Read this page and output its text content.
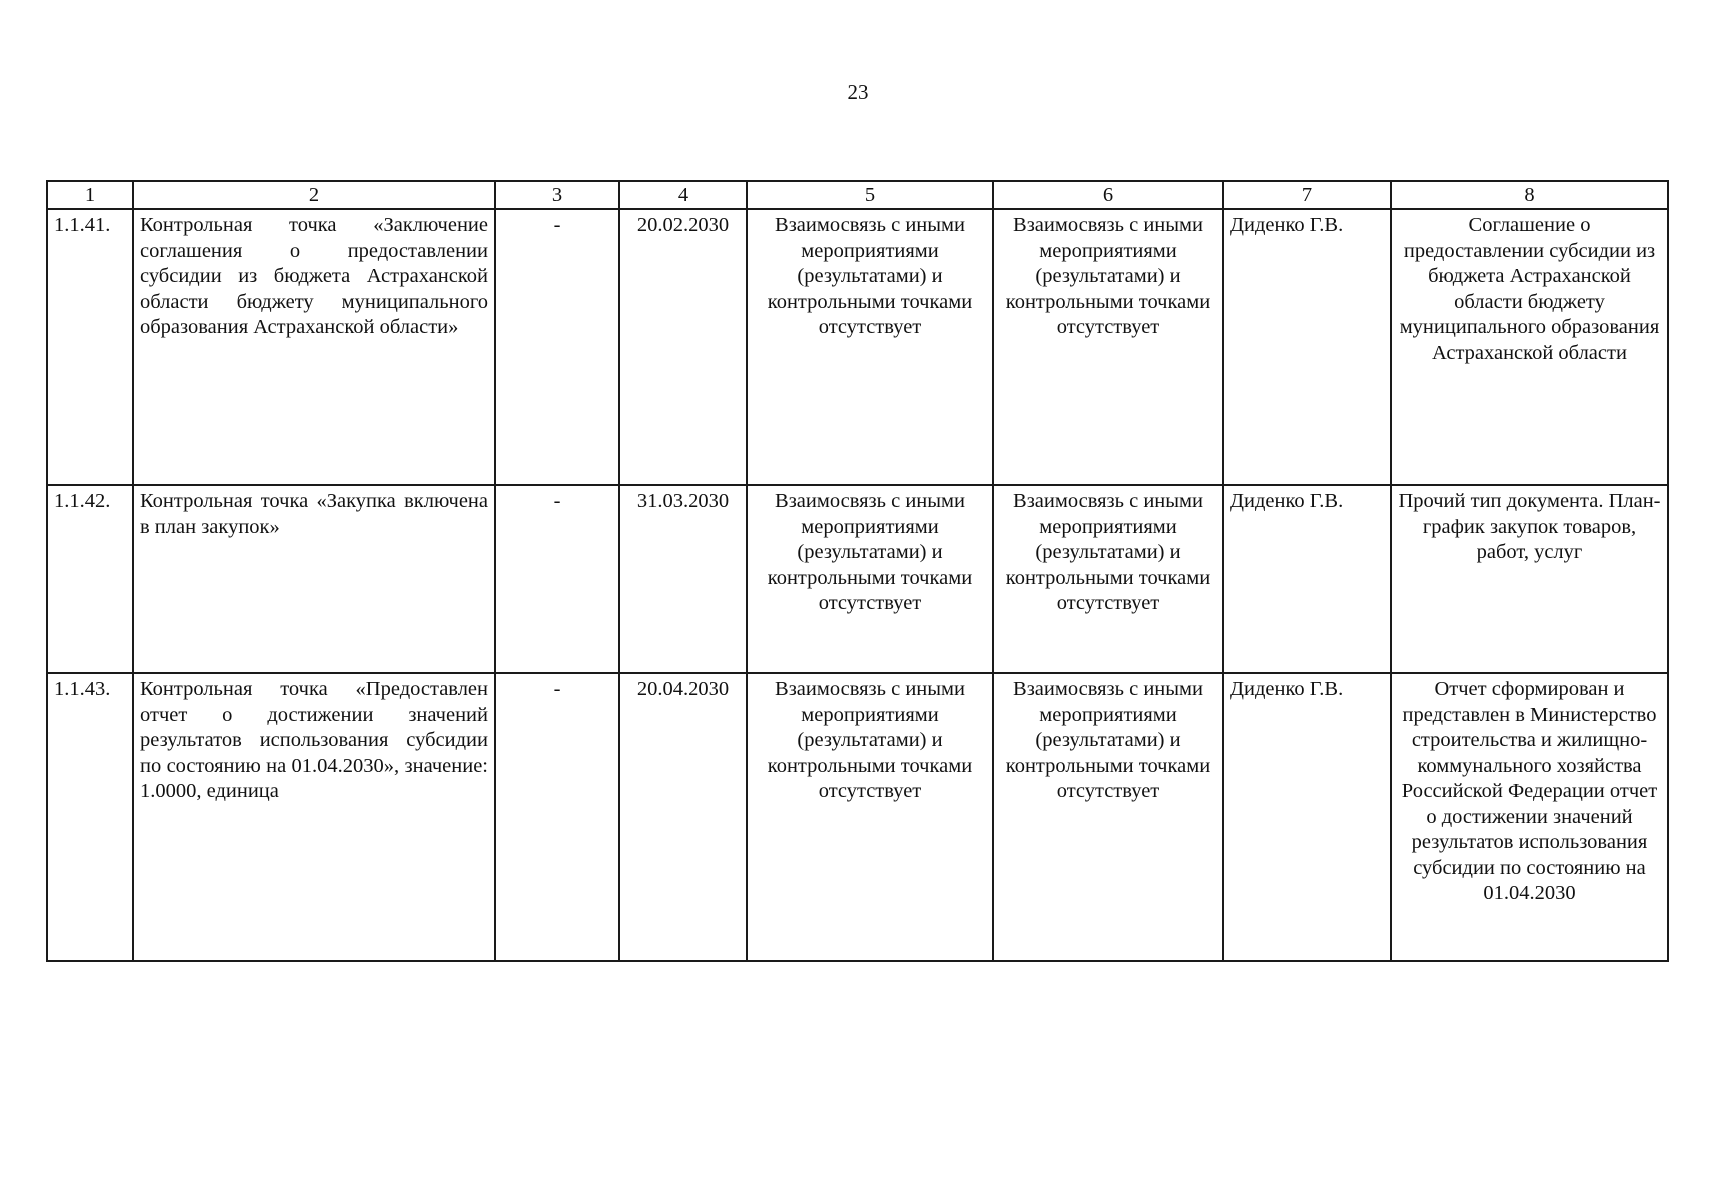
23
1	2	3	4	5	6	7	8
1.1.41.	Контрольная точка «Заключение соглашения о предоставлении субсидии из бюджета Астраханской области бюджету муниципального образования Астраханской области»	-	20.02.2030	Взаимосвязь с иными мероприятиями (результатами) и контрольными точками отсутствует	Взаимосвязь с иными мероприятиями (результатами) и контрольными точками отсутствует	Диденко Г.В.	Соглашение о предоставлении субсидии из бюджета Астраханской области бюджету муниципального образования Астраханской области
1.1.42.	Контрольная точка «Закупка включена в план закупок»	-	31.03.2030	Взаимосвязь с иными мероприятиями (результатами) и контрольными точками отсутствует	Взаимосвязь с иными мероприятиями (результатами) и контрольными точками отсутствует	Диденко Г.В.	Прочий тип документа. План-график закупок товаров, работ, услуг
1.1.43.	Контрольная точка «Предоставлен отчет о достижении значений результатов использования субсидии по состоянию на 01.04.2030», значение: 1.0000, единица	-	20.04.2030	Взаимосвязь с иными мероприятиями (результатами) и контрольными точками отсутствует	Взаимосвязь с иными мероприятиями (результатами) и контрольными точками отсутствует	Диденко Г.В.	Отчет сформирован и представлен в Министерство строительства и жилищно-коммунального хозяйства Российской Федерации отчет о достижении значений результатов использования субсидии по состоянию на 01.04.2030
